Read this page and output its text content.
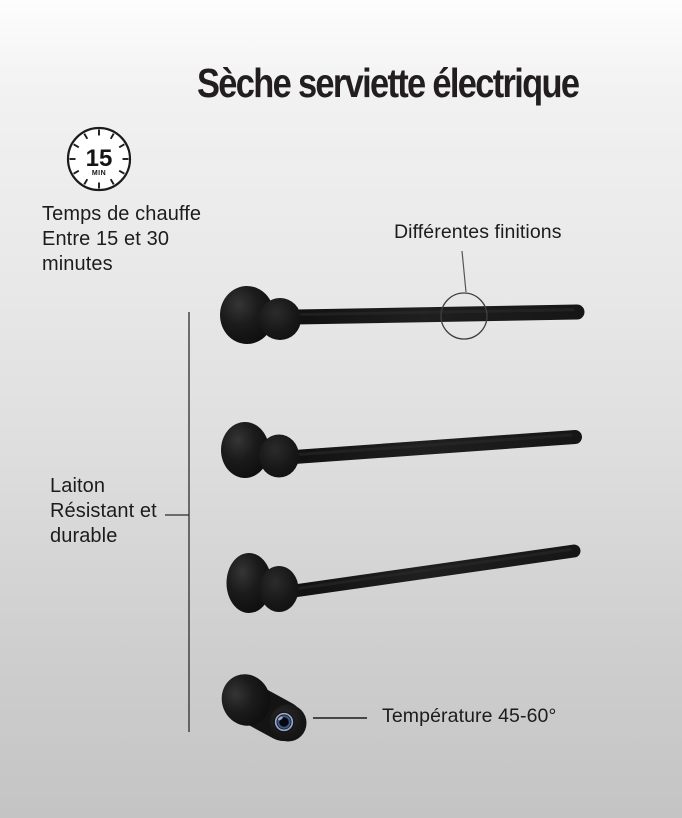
Sèche serviette électrique
15
MIN
Temps de chauffe
Entre 15 et 30
minutes
Différentes finitions
Laiton
Résistant et
durable
Température 45-60°
